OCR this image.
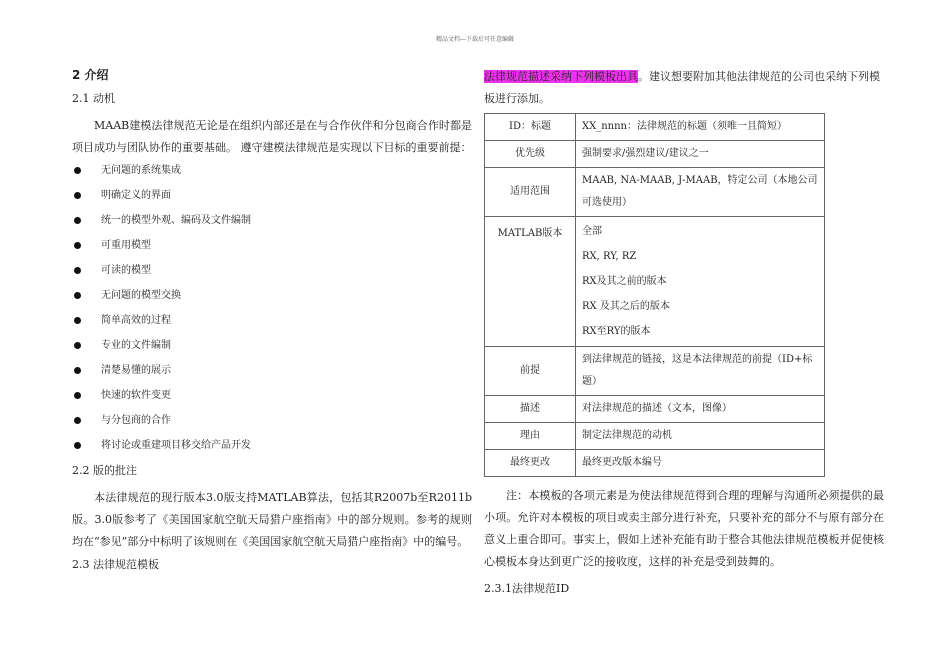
精品文档---下载后可任意编辑
2 介绍
2.1 动机

MAAB建模法律规范无论是在组织内部还是在与合作伙伴和分包商合作时都是项目成功与团队协作的重要基础。 遵守建模法律规范是实现以下目标的重要前提：

无问题的系统集成
明确定义的界面
统一的模型外观、编码及文件编制
可重用模型
可读的模型
无问题的模型交换
简单高效的过程
专业的文件编制
清楚易懂的展示
快速的软件变更
与分包商的合作
将讨论或重建项目移交给产品开发
2.2 版的批注

本法律规范的现行版本3.0版支持MATLAB算法，包括其R2007b至R2011b版。3.0版参考了《美国国家航空航天局猎户座指南》中的部分规则。参考的规则均在“参见”部分中标明了该规则在《美国国家航空航天局猎户座指南》中的编号。

2.3 法律规范模板

法律规范描述采纳下列模板出具。建议想要附加其他法律规范的公司也采纳下列模板进行添加。

ID：标题	XX_nnnn：法律规范的标题（须唯一且简短）

优先级	强制要求/强烈建议/建议之一

适用范围	MAAB, NA-MAAB, J-MAAB，特定公司（本地公司可选使用）

MATLAB版本	全部
RX, RY, RZ
RX及其之前的版本
RX 及其之后的版本
RX至RY的版本

前提	到法律规范的链接，这是本法律规范的前提（ID+标题）

描述	对法律规范的描述（文本，图像）

理由	制定法律规范的动机

最终更改	最终更改版本编号

注：本模板的各项元素是为使法律规范得到合理的理解与沟通所必须提供的最小项。允许对本模板的项目或卖主部分进行补充，只要补充的部分不与原有部分在意义上重合即可。事实上，假如上述补充能有助于整合其他法律规范模板并促使核心模板本身达到更广泛的接收度，这样的补充是受到鼓舞的。

2.3.1法律规范ID
